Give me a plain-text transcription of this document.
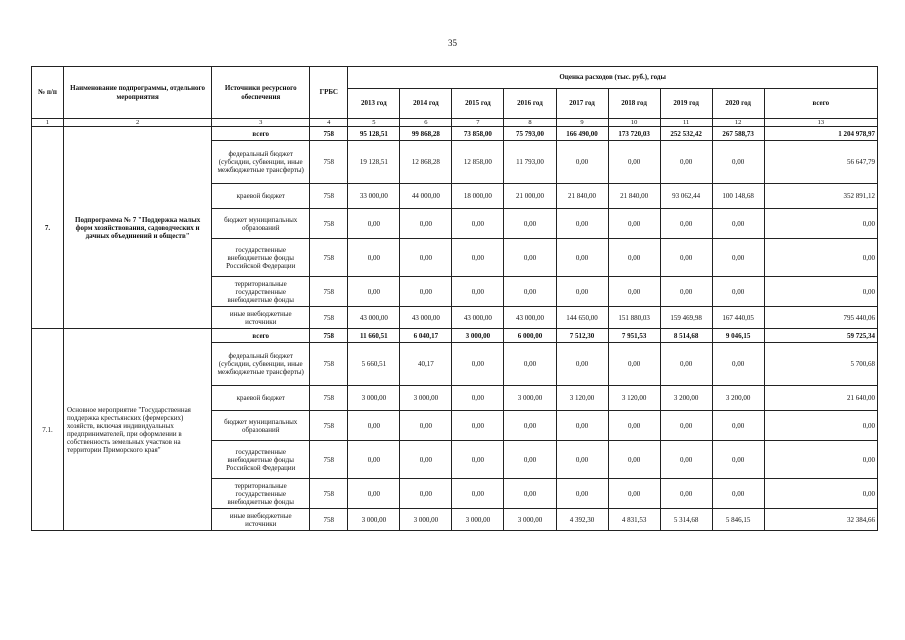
35
№ п/п	Наименование подпрограммы, отдельного мероприятия	Источники ресурсного обеспечения	ГРБС	Оценка расходов (тыс. руб.), годы								
				2013 год	2014 год	2015 год	2016 год	2017 год	2018 год	2019 год	2020 год	всего
1	2	3	4	5	6	7	8	9	10	11	12	13
7.	Подпрограмма № 7 "Поддержка малых форм хозяйствования, садоводческих и дачных объединений и обществ"	всего	758	95 128,51	99 868,28	73 858,00	75 793,00	166 490,00	173 720,03	252 532,42	267 588,73	1 204 978,97
		федеральный бюджет (субсидии, субвенции, иные межбюджетные трансферты)	758	19 128,51	12 868,28	12 858,00	11 793,00	0,00	0,00	0,00	0,00	56 647,79
		краевой бюджет	758	33 000,00	44 000,00	18 000,00	21 000,00	21 840,00	21 840,00	93 062,44	100 148,68	352 891,12
		бюджет муниципальных образований	758	0,00	0,00	0,00	0,00	0,00	0,00	0,00	0,00	0,00
		государственные внебюджетные фонды Российской Федерации	758	0,00	0,00	0,00	0,00	0,00	0,00	0,00	0,00	0,00
		территориальные государственные внебюджетные фонды	758	0,00	0,00	0,00	0,00	0,00	0,00	0,00	0,00	0,00
		иные внебюджетные источники	758	43 000,00	43 000,00	43 000,00	43 000,00	144 650,00	151 880,03	159 469,98	167 440,05	795 440,06
7.1.	Основное мероприятие "Государственная поддержка крестьянских (фермерских) хозяйств, включая индивидуальных предпринимателей, при оформлении в собственность земельных участков на территории Приморского края"	всего	758	11 660,51	6 040,17	3 000,00	6 000,00	7 512,30	7 951,53	8 514,68	9 046,15	59 725,34
		федеральный бюджет (субсидии, субвенции, иные межбюджетные трансферты)	758	5 660,51	40,17	0,00	0,00	0,00	0,00	0,00	0,00	5 700,68
		краевой бюджет	758	3 000,00	3 000,00	0,00	3 000,00	3 120,00	3 120,00	3 200,00	3 200,00	21 640,00
		бюджет муниципальных образований	758	0,00	0,00	0,00	0,00	0,00	0,00	0,00	0,00	0,00
		государственные внебюджетные фонды Российской Федерации	758	0,00	0,00	0,00	0,00	0,00	0,00	0,00	0,00	0,00
		территориальные государственные внебюджетные фонды	758	0,00	0,00	0,00	0,00	0,00	0,00	0,00	0,00	0,00
		иные внебюджетные источники	758	3 000,00	3 000,00	3 000,00	3 000,00	4 392,30	4 831,53	5 314,68	5 846,15	32 384,66
